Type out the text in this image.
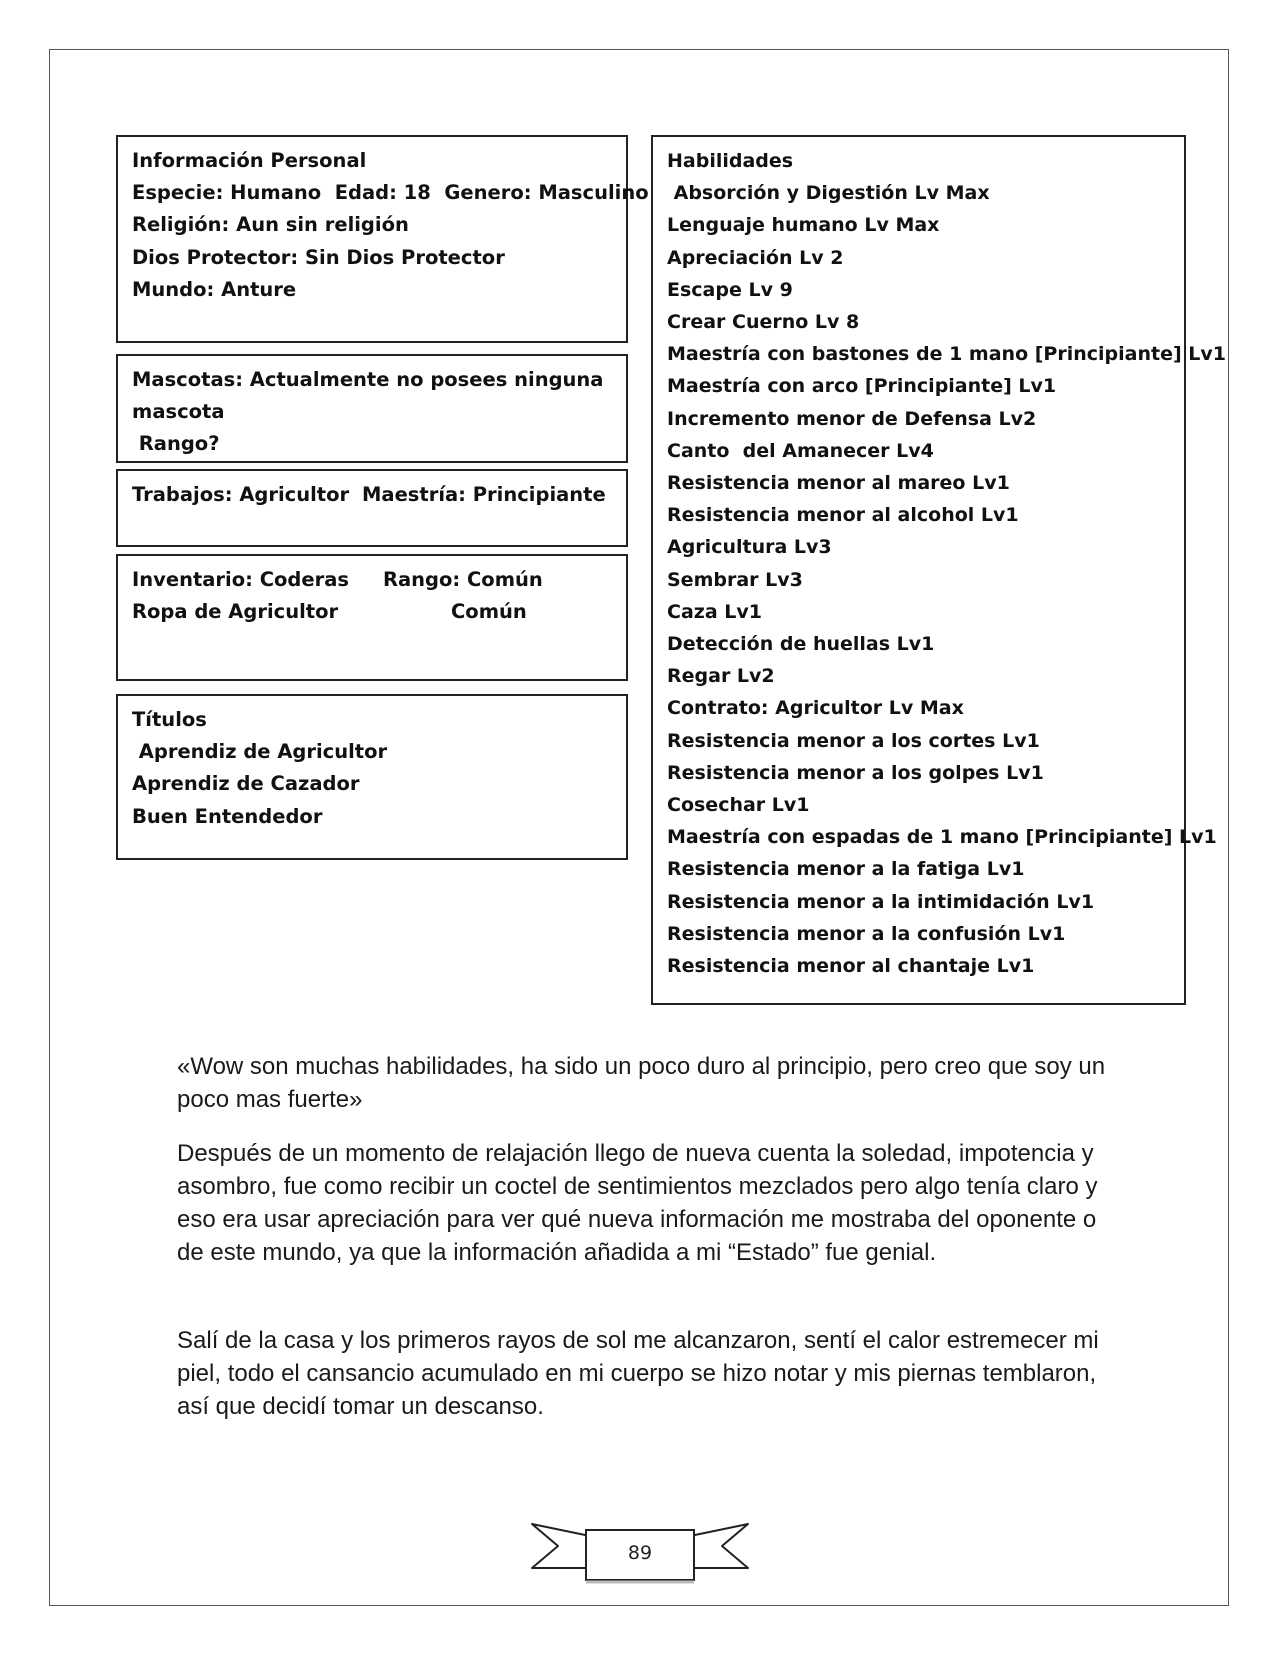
Información Personal
Especie: Humano  Edad: 18  Genero: Masculino
Religión: Aun sin religión
Dios Protector: Sin Dios Protector
Mundo: Anture
Mascotas: Actualmente no posees ninguna
mascota
Rango?
Trabajos: Agricultor Maestría: Principiante
Inventario: Coderas Rango: Común
Ropa de Agricultor	Común
Títulos
Aprendiz de Agricultor
Aprendiz de Cazador
Buen Entendedor
Habilidades
Absorción y Digestión Lv Max
Lenguaje humano Lv Max
Apreciación Lv 2
Escape Lv 9
Crear Cuerno Lv 8
Maestría con bastones de 1 mano [Principiante] Lv1
Maestría con arco [Principiante] Lv1
Incremento menor de Defensa Lv2
Canto  del Amanecer Lv4
Resistencia menor al mareo Lv1
Resistencia menor al alcohol Lv1
Agricultura Lv3
Sembrar Lv3
Caza Lv1
Detección de huellas Lv1
Regar Lv2
Contrato: Agricultor Lv Max
Resistencia menor a los cortes Lv1
Resistencia menor a los golpes Lv1
Cosechar Lv1
Maestría con espadas de 1 mano [Principiante] Lv1
Resistencia menor a la fatiga Lv1
Resistencia menor a la intimidación Lv1
Resistencia menor a la confusión Lv1
Resistencia menor al chantaje Lv1

«Wow son muchas habilidades, ha sido un poco duro al principio, pero creo que soy un poco mas fuerte»

Después de un momento de relajación llego de nueva cuenta la soledad, impotencia y asombro, fue como recibir un coctel de sentimientos mezclados pero algo tenía claro y eso era usar apreciación para ver qué nueva información me mostraba del oponente o de este mundo, ya que la información añadida a mi “Estado” fue genial.

Salí de la casa y los primeros rayos de sol me alcanzaron, sentí el calor estremecer mi piel, todo el cansancio acumulado en mi cuerpo se hizo notar y mis piernas temblaron, así que decidí tomar un descanso.

89
